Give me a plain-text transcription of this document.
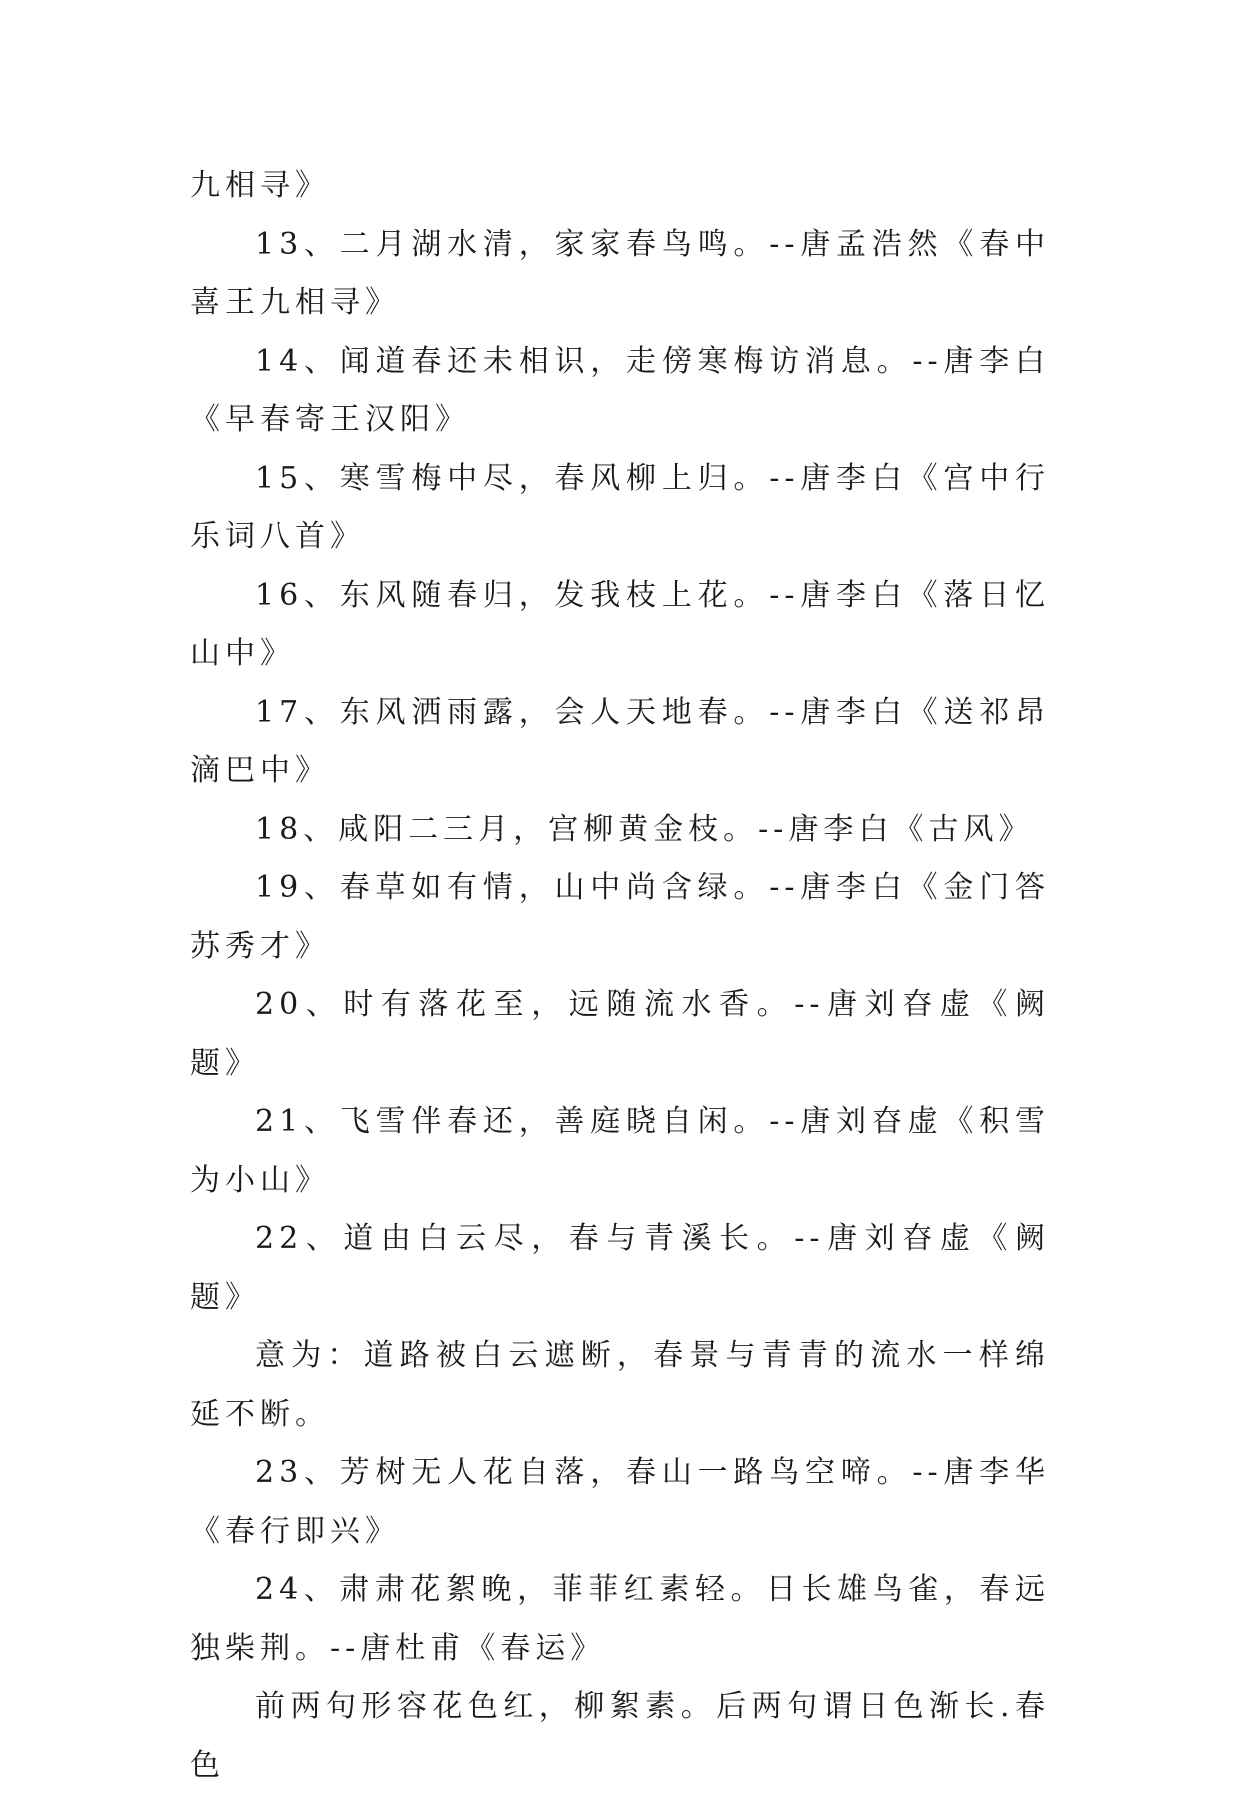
九相寻》

13、二月湖水清，家家春鸟鸣。--唐孟浩然《春中喜王九相寻》

14、闻道春还未相识，走傍寒梅访消息。--唐李白《早春寄王汉阳》

15、寒雪梅中尽，春风柳上归。--唐李白《宫中行乐词八首》

16、东风随春归，发我枝上花。--唐李白《落日忆山中》

17、东风洒雨露，会人天地春。--唐李白《送祁昂滴巴中》

18、咸阳二三月，宫柳黄金枝。--唐李白《古风》

19、春草如有情，山中尚含绿。--唐李白《金门答苏秀才》

20、时有落花至，远随流水香。--唐刘昚虚《阙题》

21、飞雪伴春还，善庭晓自闲。--唐刘昚虚《积雪为小山》

22、道由白云尽，春与青溪长。--唐刘昚虚《阙题》

意为：道路被白云遮断，春景与青青的流水一样绵延不断。

23、芳树无人花自落，春山一路鸟空啼。--唐李华《春行即兴》

24、肃肃花絮晚，菲菲红素轻。日长雄鸟雀，春远独柴荆。--唐杜甫《春运》

前两句形容花色红，柳絮素。后两句谓日色渐长.春色
